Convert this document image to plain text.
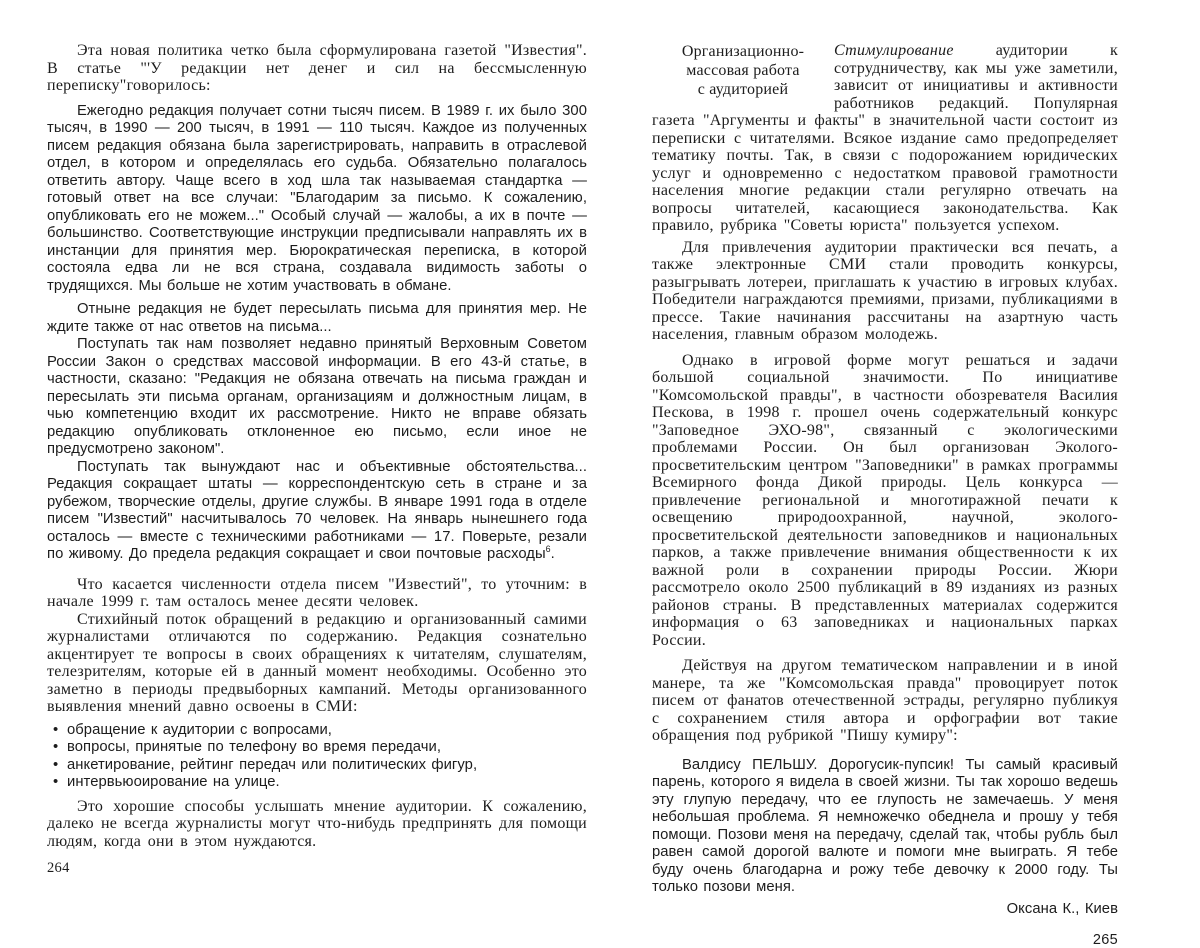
Эта новая политика четко была сформулирована газетой "Известия". В статье "'У редакции нет денег и сил на бессмысленную переписку"говорилось:

Ежегодно редакция получает сотни тысяч писем. В 1989 г. их было 300 тысяч, в 1990 — 200 тысяч, в 1991 — 110 тысяч. Каждое из полученных писем редакция обязана была зарегистрировать, направить в отраслевой отдел, в котором и определялась его судьба. Обязательно полагалось ответить автору. Чаще всего в ход шла так называемая стандартка — готовый ответ на все случаи: "Благодарим за письмо. К сожалению, опубликовать его не можем..." Особый случай — жалобы, а их в почте — большинство. Соответствующие инструкции предписывали направлять их в инстанции для принятия мер. Бюрократическая переписка, в которой состояла едва ли не вся страна, создавала видимость заботы о трудящихся. Мы больше не хотим участвовать в обмане.

Отныне редакция не будет пересылать письма для принятия мер. Не ждите также от нас ответов на письма...

Поступать так нам позволяет недавно принятый Верховным Советом России Закон о средствах массовой информации. В его 43-й статье, в частности, сказано: "Редакция не обязана отвечать на письма граждан и пересылать эти письма органам, организациям и должностным лицам, в чью компетенцию входит их рассмотрение. Никто не вправе обязать редакцию опубликовать отклоненное ею письмо, если иное не предусмотрено законом".

Поступать так вынуждают нас и объективные обстоятельства... Редакция сокращает штаты — корреспондентскую сеть в стране и за рубежом, творческие отделы, другие службы. В январе 1991 года в отделе писем "Известий" насчитывалось 70 человек. На январь нынешнего года осталось — вместе с техническими работниками — 17. Поверьте, резали по живому. До предела редакция сокращает и свои почтовые расходы$^6$.

Что касается численности отдела писем "Известий", то уточним: в начале 1999 г. там осталось менее десяти человек.

Стихийный поток обращений в редакцию и организованный самими журналистами отличаются по содержанию. Редакция сознательно акцентирует те вопросы в своих обращениях к читателям, слушателям, телезрителям, которые ей в данный момент необходимы. Особенно это заметно в периоды предвыборных кампаний. Методы организованного выявления мнений давно освоены в СМИ:

• обращение к аудитории с вопросами,
• вопросы, принятые по телефону во время передачи,
• анкетирование, рейтинг передач или политических фигур,
• интервьюоирование на улице.

Это хорошие способы услышать мнение аудитории. К сожалению, далеко не всегда журналисты могут что-нибудь предпринять для помощи людям, когда они в этом нуждаются.

264
Организационно-
массовая работа
с аудиторией

Стимулирование аудитории к сотрудничеству, как мы уже заметили, зависит от инициативы и активности работников редакций. Популярная газета "Аргументы и факты" в значительной части состоит из переписки с читателями. Всякое издание само предопределяет тематику почты. Так, в связи с подорожанием юридических услуг и одновременно с недостатком правовой грамотности населения многие редакции стали регулярно отвечать на вопросы читателей, касающиеся законодательства. Как правило, рубрика "Советы юриста" пользуется успехом.

Для привлечения аудитории практически вся печать, а также электронные СМИ стали проводить конкурсы, разыгрывать лотереи, приглашать к участию в игровых клубах. Победители награждаются премиями, призами, публикациями в прессе. Такие начинания рассчитаны на азартную часть населения, главным образом молодежь.

Однако в игровой форме могут решаться и задачи большой социальной значимости. По инициативе "Комсомольской правды", в частности обозревателя Василия Пескова, в 1998 г. прошел очень содержательный конкурс "Заповедное ЭХО-98", связанный с экологическими проблемами России. Он был организован Эколого-просветительским центром "Заповедники" в рамках программы Всемирного фонда Дикой природы. Цель конкурса — привлечение региональной и многотиражной печати к освещению природоохранной, научной, эколого-просветительской деятельности заповедников и национальных парков, а также привлечение внимания общественности к их важной роли в сохранении природы России. Жюри рассмотрело около 2500 публикаций в 89 изданиях из разных районов страны. В представленных материалах содержится информация о 63 заповедниках и национальных парках России.

Действуя на другом тематическом направлении и в иной манере, та же "Комсомольская правда" провоцирует поток писем от фанатов отечественной эстрады, регулярно публикуя с сохранением стиля автора и орфографии вот такие обращения под рубрикой "Пишу кумиру":

Валдису ПЕЛЬШУ. Дорогусик-пупсик! Ты самый красивый парень, которого я видела в своей жизни. Ты так хорошо ведешь эту глупую передачу, что ее глупость не замечаешь. У меня небольшая проблема. Я немножечко обеднела и прошу у тебя помощи. Позови меня на передачу, сделай так, чтобы рубль был равен самой дорогой валюте и помоги мне выиграть. Я тебе буду очень благодарна и рожу тебе девочку к 2000 году. Ты только позови меня.

Оксана К., Киев
265
